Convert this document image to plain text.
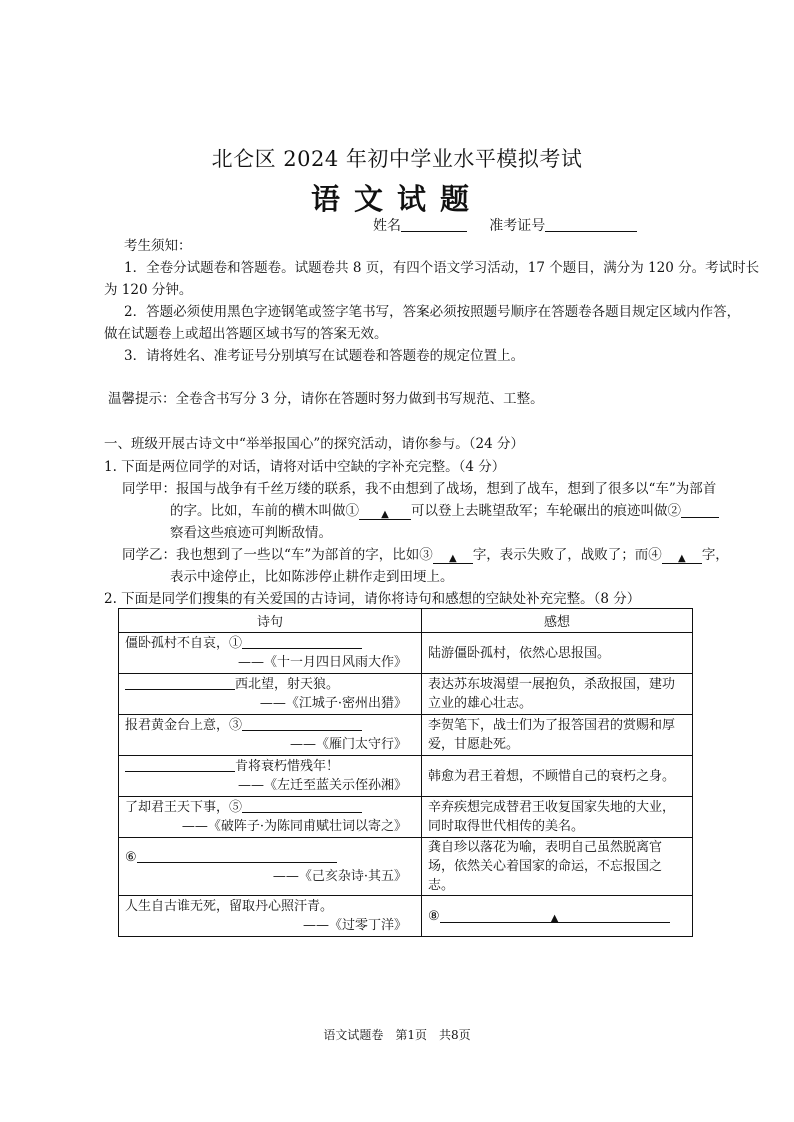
北仑区 2024 年初中学业水平模拟考试
语文试题
姓名	准考证号
考生须知：
1．全卷分试题卷和答题卷。试题卷共 8 页，有四个语文学习活动，17 个题目，满分为 120 分。考试时长
为 120 分钟。
2．答题必须使用黑色字迹钢笔或签字笔书写，答案必须按照题号顺序在答题卷各题目规定区域内作答，
做在试题卷上或超出答题区域书写的答案无效。
3．请将姓名、准考证号分别填写在试题卷和答题卷的规定位置上。
温馨提示：全卷含书写分 3 分，请你在答题时努力做到书写规范、工整。
一、班级开展古诗文中“举举报国心”的探究活动，请你参与。（24 分）
1. 下面是两位同学的对话，请将对话中空缺的字补充完整。（4 分）
同学甲：报国与战争有千丝万缕的联系，我不由想到了战场，想到了战车，想到了很多以“车”为部首
的字。比如，车前的横木叫做① ▲ 可以登上去眺望敌军；车轮碾出的痕迹叫做②
察看这些痕迹可判断敌情。
同学乙：我也想到了一些以“车”为部首的字，比如③ ▲ 字，表示失败了，战败了；而④ ▲ 字，
表示中途停止，比如陈涉停止耕作走到田埂上。
2. 下面是同学们搜集的有关爱国的古诗词，请你将诗句和感想的空缺处补充完整。（8 分）
诗句	感想

僵卧孤村不自哀，①
——《十一月四日风雨大作》	陆游僵卧孤村，依然心思报国。

西北望，射天狼。
——《江城子·密州出猎》	表达苏东坡渴望一展抱负，杀敌报国，建功立业的雄心壮志。

报君黄金台上意，③
——《雁门太守行》	李贺笔下，战士们为了报答国君的赏赐和厚爱，甘愿赴死。

肯将衰朽惜残年！
——《左迁至蓝关示侄孙湘》	韩愈为君王着想，不顾惜自己的衰朽之身。

了却君王天下事，⑤
——《破阵子·为陈同甫赋壮词以寄之》	辛弃疾想完成替君王收复国家失地的大业，同时取得世代相传的美名。

⑥
——《己亥杂诗·其五》	龚自珍以落花为喻，表明自己虽然脱离官场，依然关心着国家的命运，不忘报国之志。

人生自古谁无死，留取丹心照汗青。
——《过零丁洋》	⑧ ▲
语文试题卷　第1页　共8页
